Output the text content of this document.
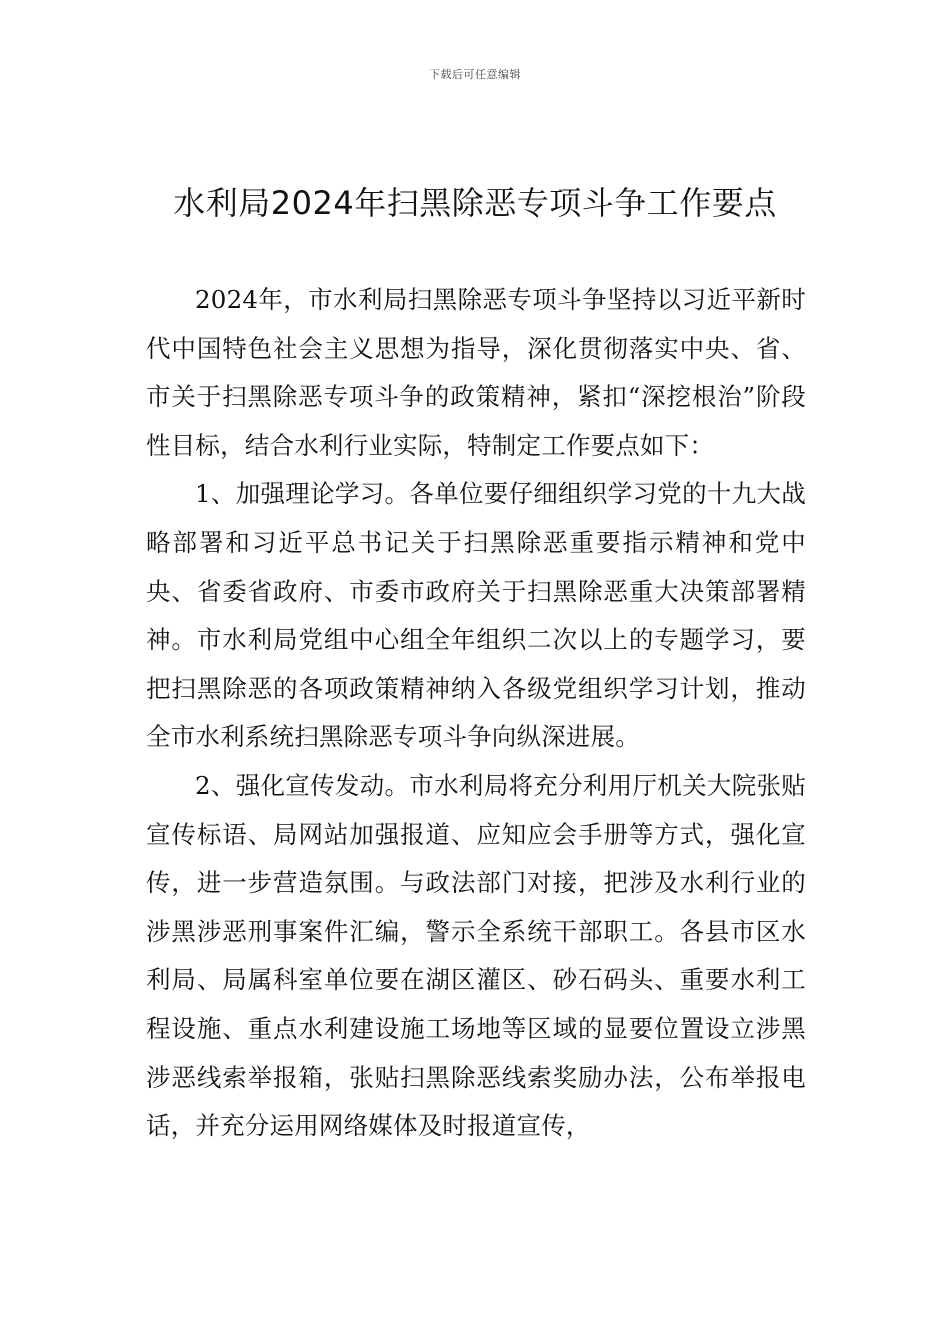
下载后可任意编辑
水利局2024年扫黑除恶专项斗争工作要点

2024年，市水利局扫黑除恶专项斗争坚持以习近平新时代中国特色社会主义思想为指导，深化贯彻落实中央、省、市关于扫黑除恶专项斗争的政策精神，紧扣“深挖根治”阶段性目标，结合水利行业实际，特制定工作要点如下：

1、加强理论学习。各单位要仔细组织学习党的十九大战略部署和习近平总书记关于扫黑除恶重要指示精神和党中央、省委省政府、市委市政府关于扫黑除恶重大决策部署精神。市水利局党组中心组全年组织二次以上的专题学习，要把扫黑除恶的各项政策精神纳入各级党组织学习计划，推动全市水利系统扫黑除恶专项斗争向纵深进展。

2、强化宣传发动。市水利局将充分利用厅机关大院张贴宣传标语、局网站加强报道、应知应会手册等方式，强化宣传，进一步营造氛围。与政法部门对接，把涉及水利行业的涉黑涉恶刑事案件汇编，警示全系统干部职工。各县市区水利局、局属科室单位要在湖区灌区、砂石码头、重要水利工程设施、重点水利建设施工场地等区域的显要位置设立涉黑涉恶线索举报箱，张贴扫黑除恶线索奖励办法，公布举报电话，并充分运用网络媒体及时报道宣传，
